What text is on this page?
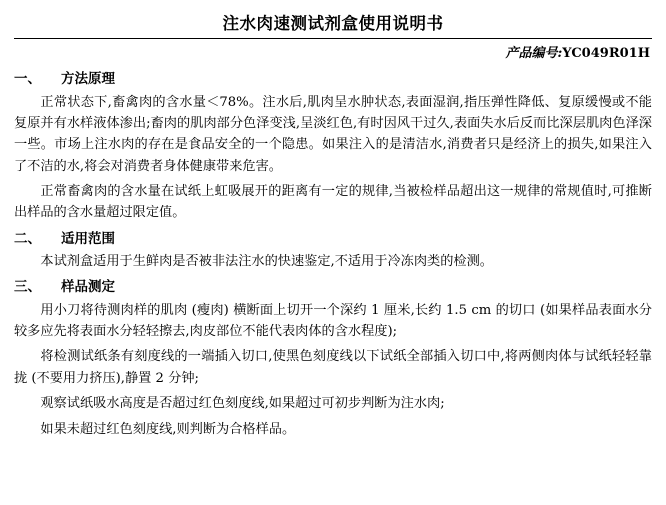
注水肉速测试剂盒使用说明书
产品编号:YC049R01H
一、 方法原理

正常状态下,畜禽肉的含水量＜78%。注水后,肌肉呈水肿状态,表面湿润,指压弹性降低、复原缓慢或不能复原并有水样液体渗出;畜肉的肌肉部分色泽变浅,呈淡红色,有时因风干过久,表面失水后反而比深层肌肉色泽深一些。市场上注水肉的存在是食品安全的一个隐患。如果注入的是清洁水,消费者只是经济上的损失,如果注入了不洁的水,将会对消费者身体健康带来危害。

正常畜禽肉的含水量在试纸上虹吸展开的距离有一定的规律,当被检样品超出这一规律的常规值时,可推断出样品的含水量超过限定值。

二、 适用范围

本试剂盒适用于生鲜肉是否被非法注水的快速鉴定,不适用于冷冻肉类的检测。

三、 样品测定

用小刀将待测肉样的肌肉 (瘦肉) 横断面上切开一个深约 1 厘米,长约 1.5 cm 的切口 (如果样品表面水分较多应先将表面水分轻轻擦去,肉皮部位不能代表肉体的含水程度);

将检测试纸条有刻度线的一端插入切口,使黑色刻度线以下试纸全部插入切口中,将两侧肉体与试纸轻轻靠拢 (不要用力挤压),静置 2 分钟;

观察试纸吸水高度是否超过红色刻度线,如果超过可初步判断为注水肉;

如果未超过红色刻度线,则判断为合格样品。
